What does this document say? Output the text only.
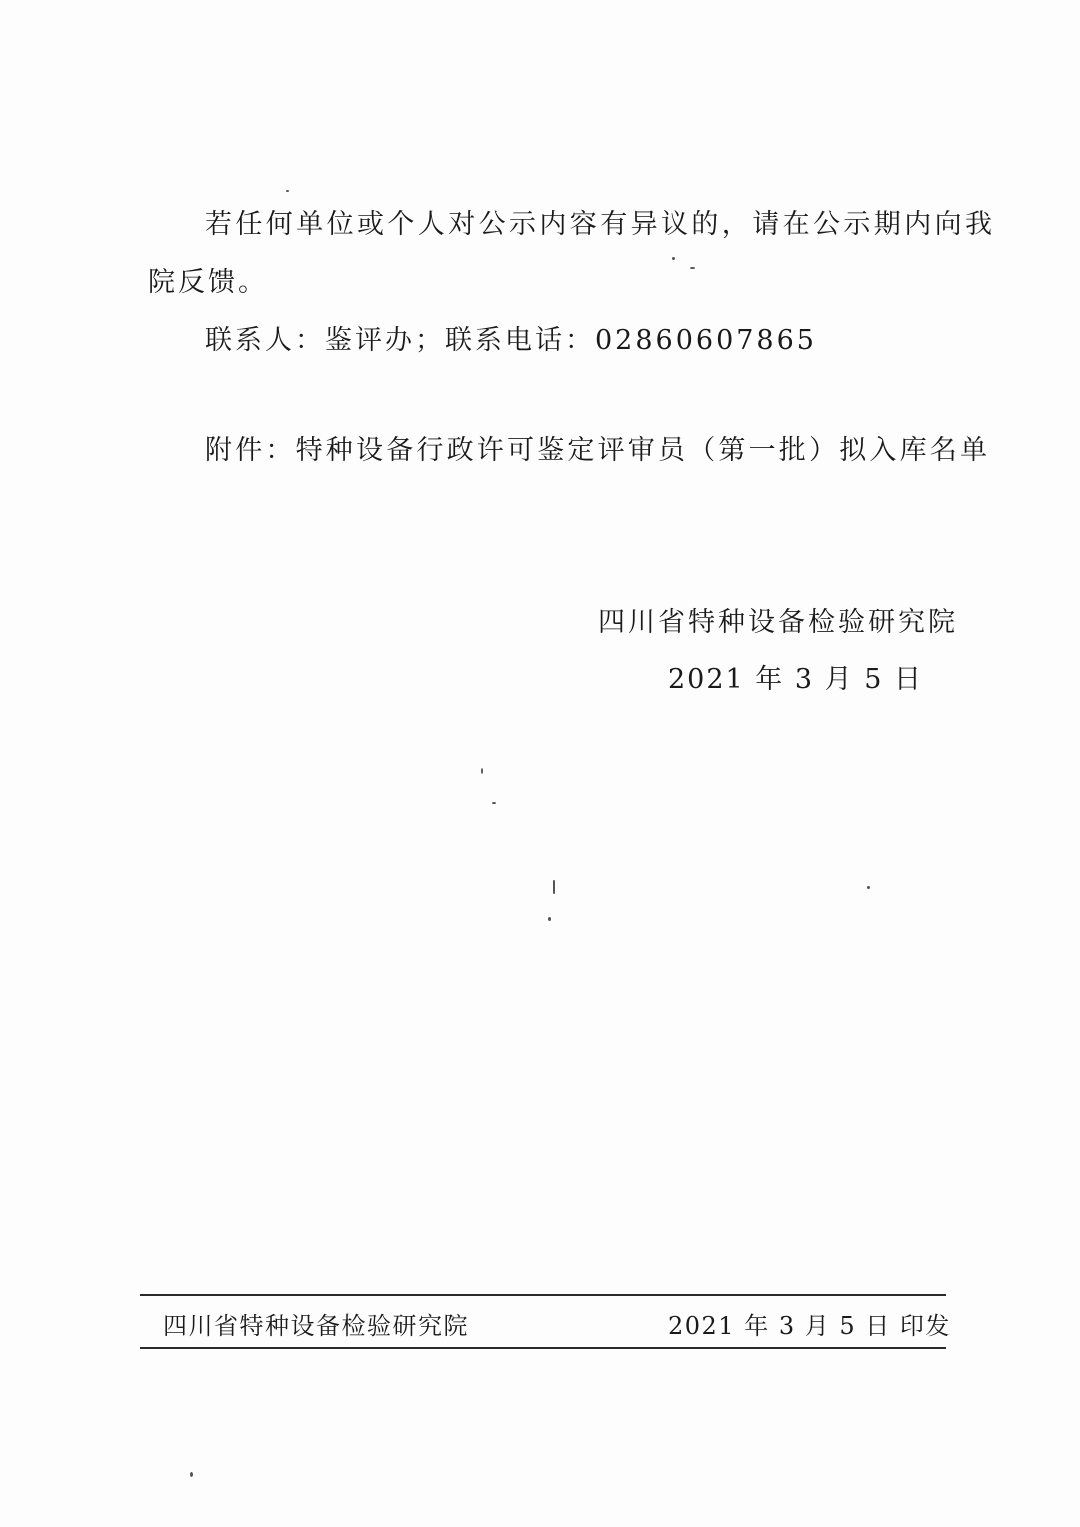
若任何单位或个人对公示内容有异议的，请在公示期内向我
院反馈。
联系人：鉴评办；联系电话：02860607865
附件：特种设备行政许可鉴定评审员（第一批）拟入库名单
四川省特种设备检验研究院
2021 年 3 月 5 日
四川省特种设备检验研究院	2021 年 3 月 5 日 印发
